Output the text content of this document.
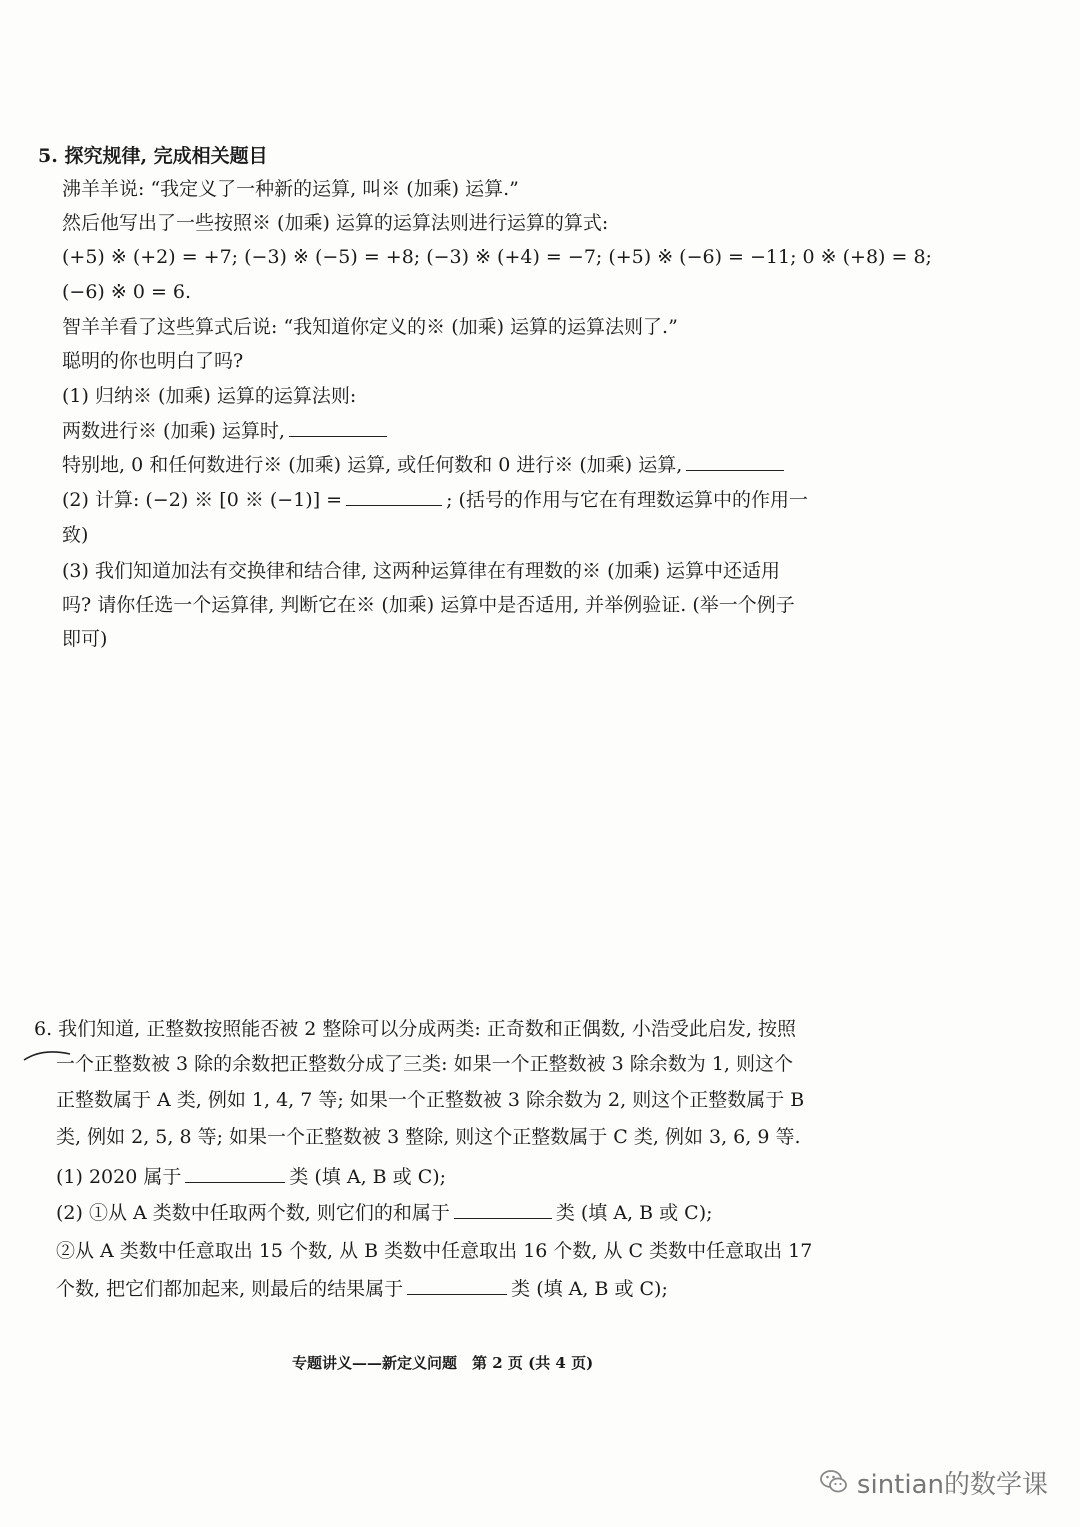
5. 探究规律, 完成相关题目
沸羊羊说: “我定义了一种新的运算, 叫※ (加乘) 运算.”
然后他写出了一些按照※ (加乘) 运算的运算法则进行运算的算式:
(+5) ※ (+2) = +7; (−3) ※ (−5) = +8; (−3) ※ (+4) = −7; (+5) ※ (−6) = −11; 0 ※ (+8) = 8;
(−6) ※ 0 = 6.
智羊羊看了这些算式后说: “我知道你定义的※ (加乘) 运算的运算法则了.”
聪明的你也明白了吗?
(1) 归纳※ (加乘) 运算的运算法则:
两数进行※ (加乘) 运算时,
特别地, 0 和任何数进行※ (加乘) 运算, 或任何数和 0 进行※ (加乘) 运算,
(2) 计算: (−2) ※ [0 ※ (−1)] =	; (括号的作用与它在有理数运算中的作用一
致)
(3) 我们知道加法有交换律和结合律, 这两种运算律在有理数的※ (加乘) 运算中还适用
吗? 请你任选一个运算律, 判断它在※ (加乘) 运算中是否适用, 并举例验证. (举一个例子
即可)
6. 我们知道, 正整数按照能否被 2 整除可以分成两类: 正奇数和正偶数, 小浩受此启发, 按照
一个正整数被 3 除的余数把正整数分成了三类: 如果一个正整数被 3 除余数为 1, 则这个
正整数属于 A 类, 例如 1, 4, 7 等; 如果一个正整数被 3 除余数为 2, 则这个正整数属于 B
类, 例如 2, 5, 8 等; 如果一个正整数被 3 整除, 则这个正整数属于 C 类, 例如 3, 6, 9 等.
(1) 2020 属于	类 (填 A, B 或 C);
(2) ①从 A 类数中任取两个数, 则它们的和属于	类 (填 A, B 或 C);
②从 A 类数中任意取出 15 个数, 从 B 类数中任意取出 16 个数, 从 C 类数中任意取出 17
个数, 把它们都加起来, 则最后的结果属于	类 (填 A, B 或 C);
专题讲义——新定义问题　第 2 页 (共 4 页)
sintian的数学课
